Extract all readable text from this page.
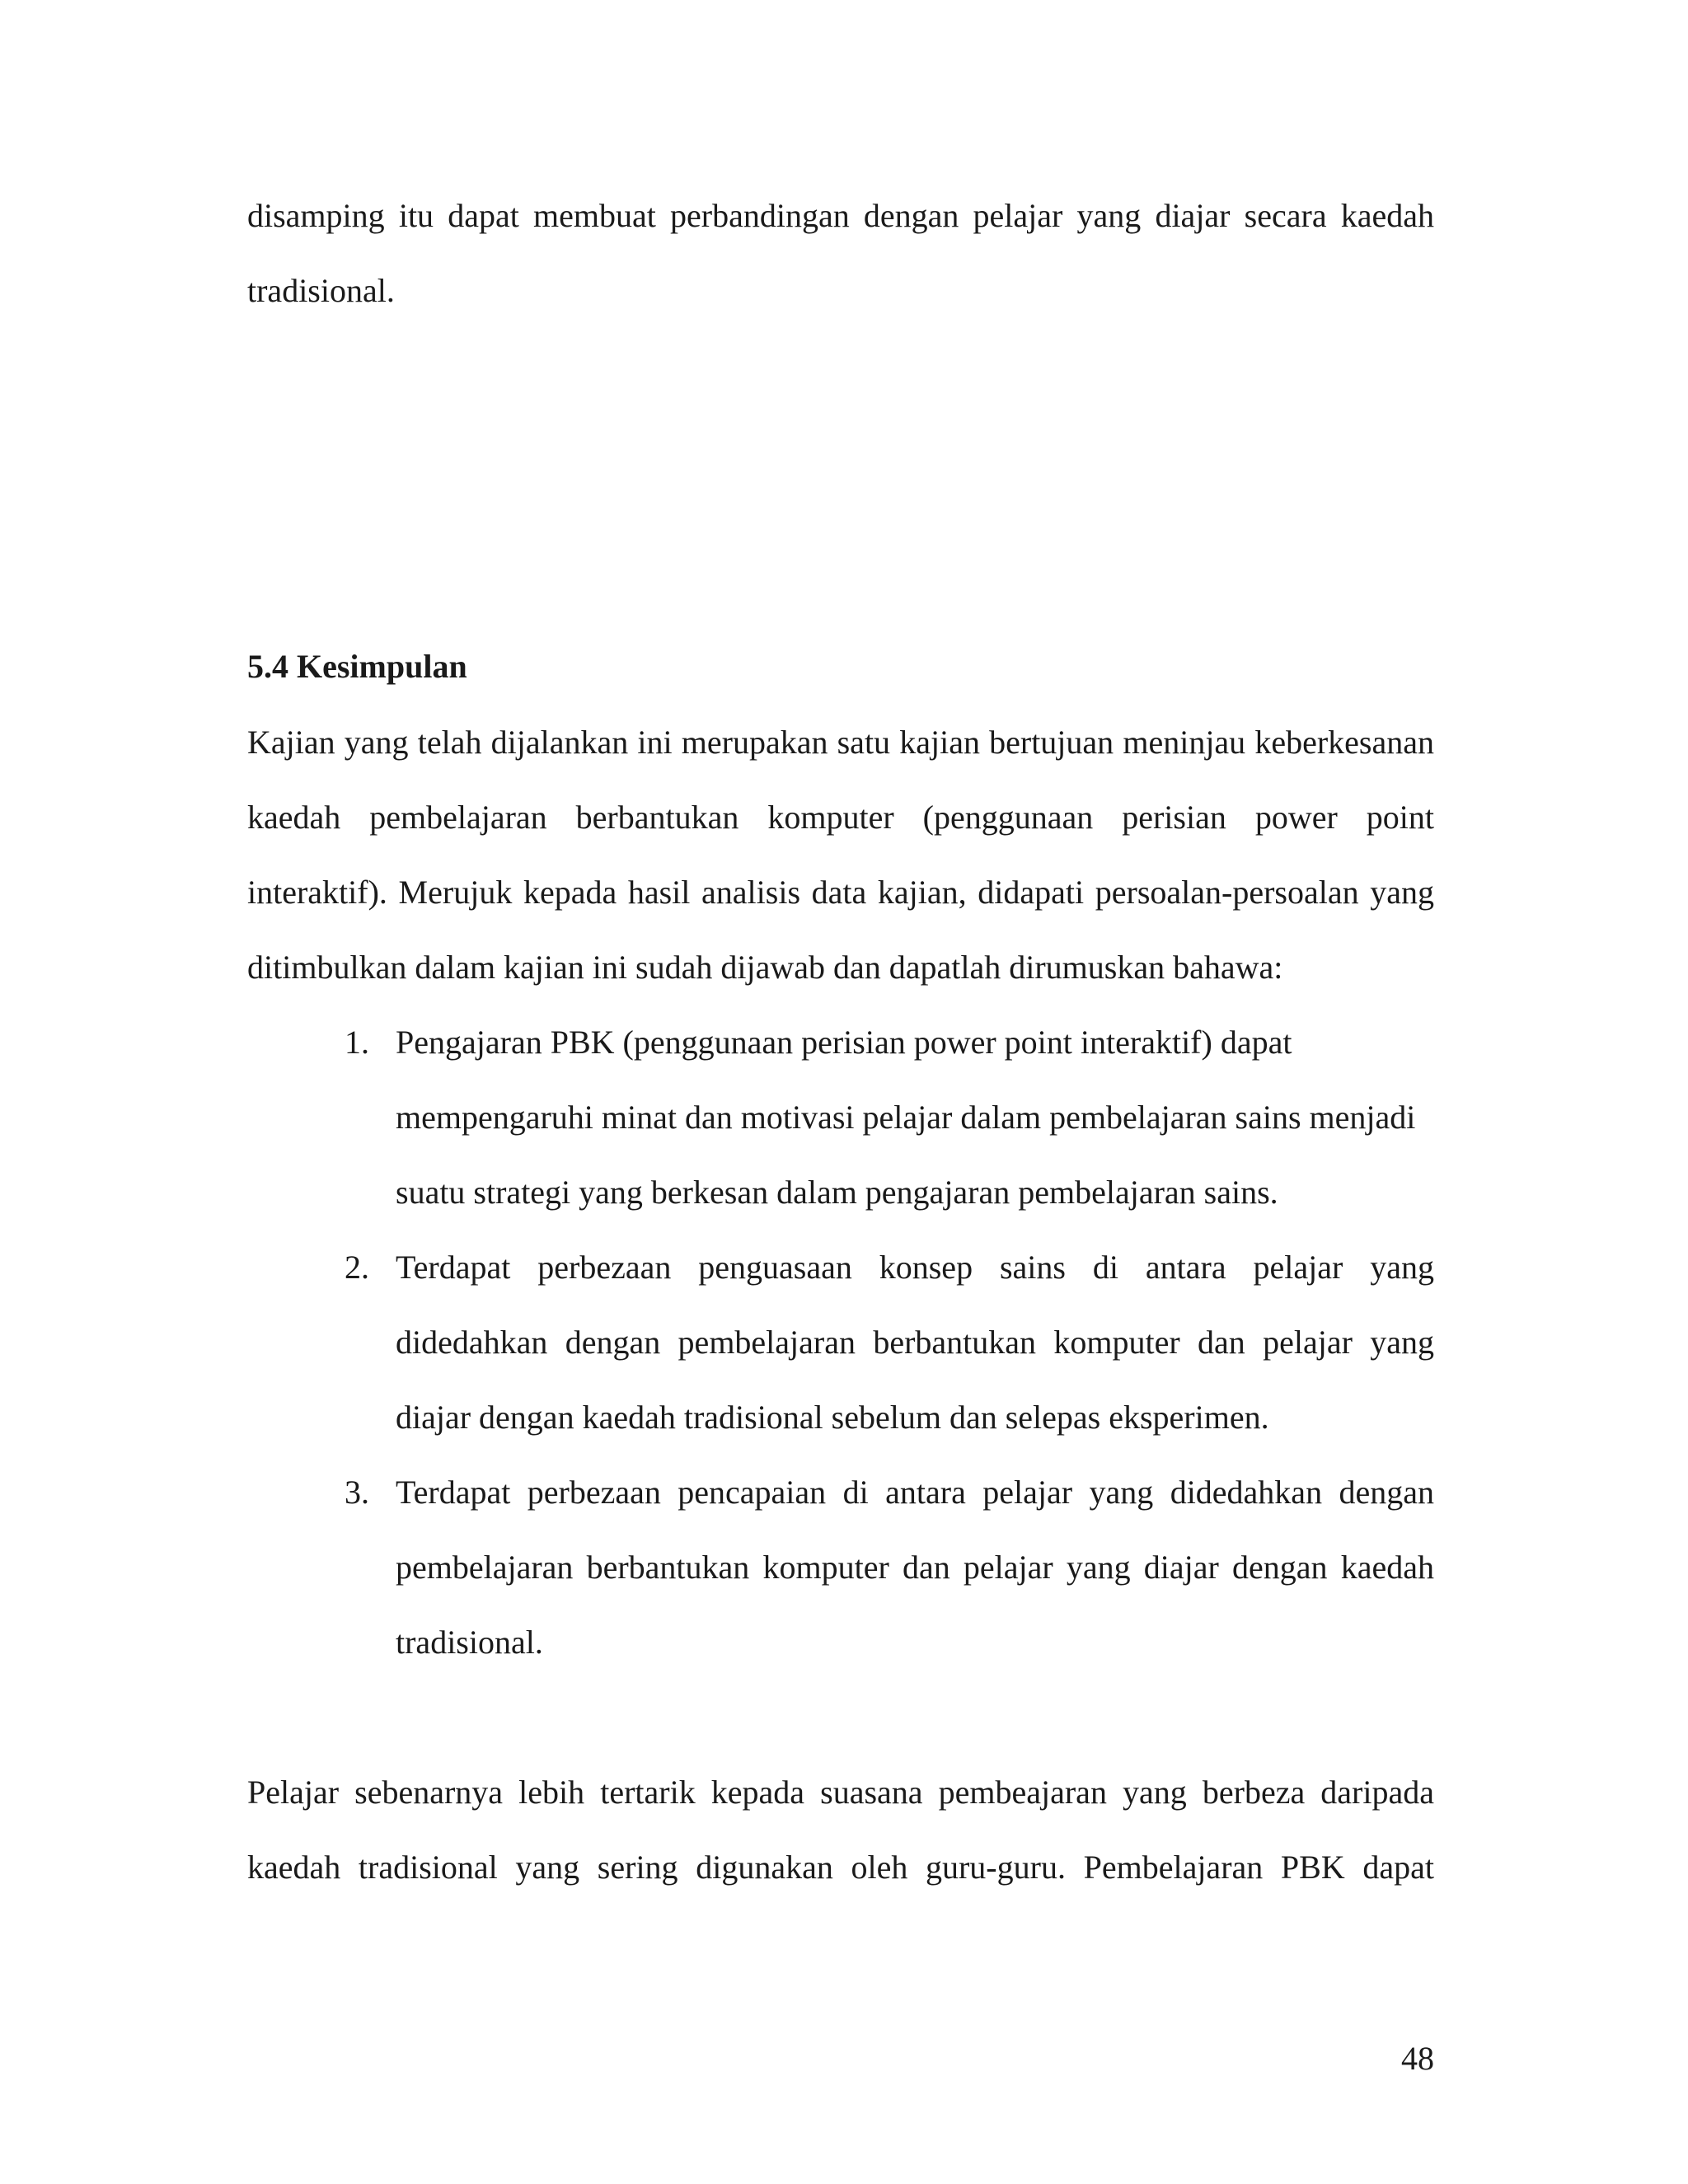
disamping itu dapat membuat perbandingan dengan pelajar yang diajar secara kaedah
tradisional.
5.4 Kesimpulan
Kajian yang telah dijalankan ini merupakan satu kajian bertujuan meninjau keberkesanan
kaedah pembelajaran berbantukan komputer (penggunaan perisian power point
interaktif). Merujuk kepada hasil analisis data kajian, didapati persoalan-persoalan yang
ditimbulkan dalam kajian ini sudah dijawab dan dapatlah dirumuskan bahawa:
1. Pengajaran PBK (penggunaan perisian power point interaktif) dapat
mempengaruhi minat dan motivasi pelajar dalam pembelajaran sains menjadi
suatu strategi yang berkesan dalam pengajaran pembelajaran sains.
2. Terdapat perbezaan penguasaan konsep sains di antara pelajar yang
didedahkan dengan pembelajaran berbantukan komputer dan pelajar yang
diajar dengan kaedah tradisional sebelum dan selepas eksperimen.
3. Terdapat perbezaan pencapaian di antara pelajar yang didedahkan dengan
pembelajaran berbantukan komputer dan pelajar yang diajar dengan kaedah
tradisional.
Pelajar sebenarnya lebih tertarik kepada suasana pembeajaran yang berbeza daripada
kaedah tradisional yang sering digunakan oleh guru-guru. Pembelajaran PBK dapat
48
